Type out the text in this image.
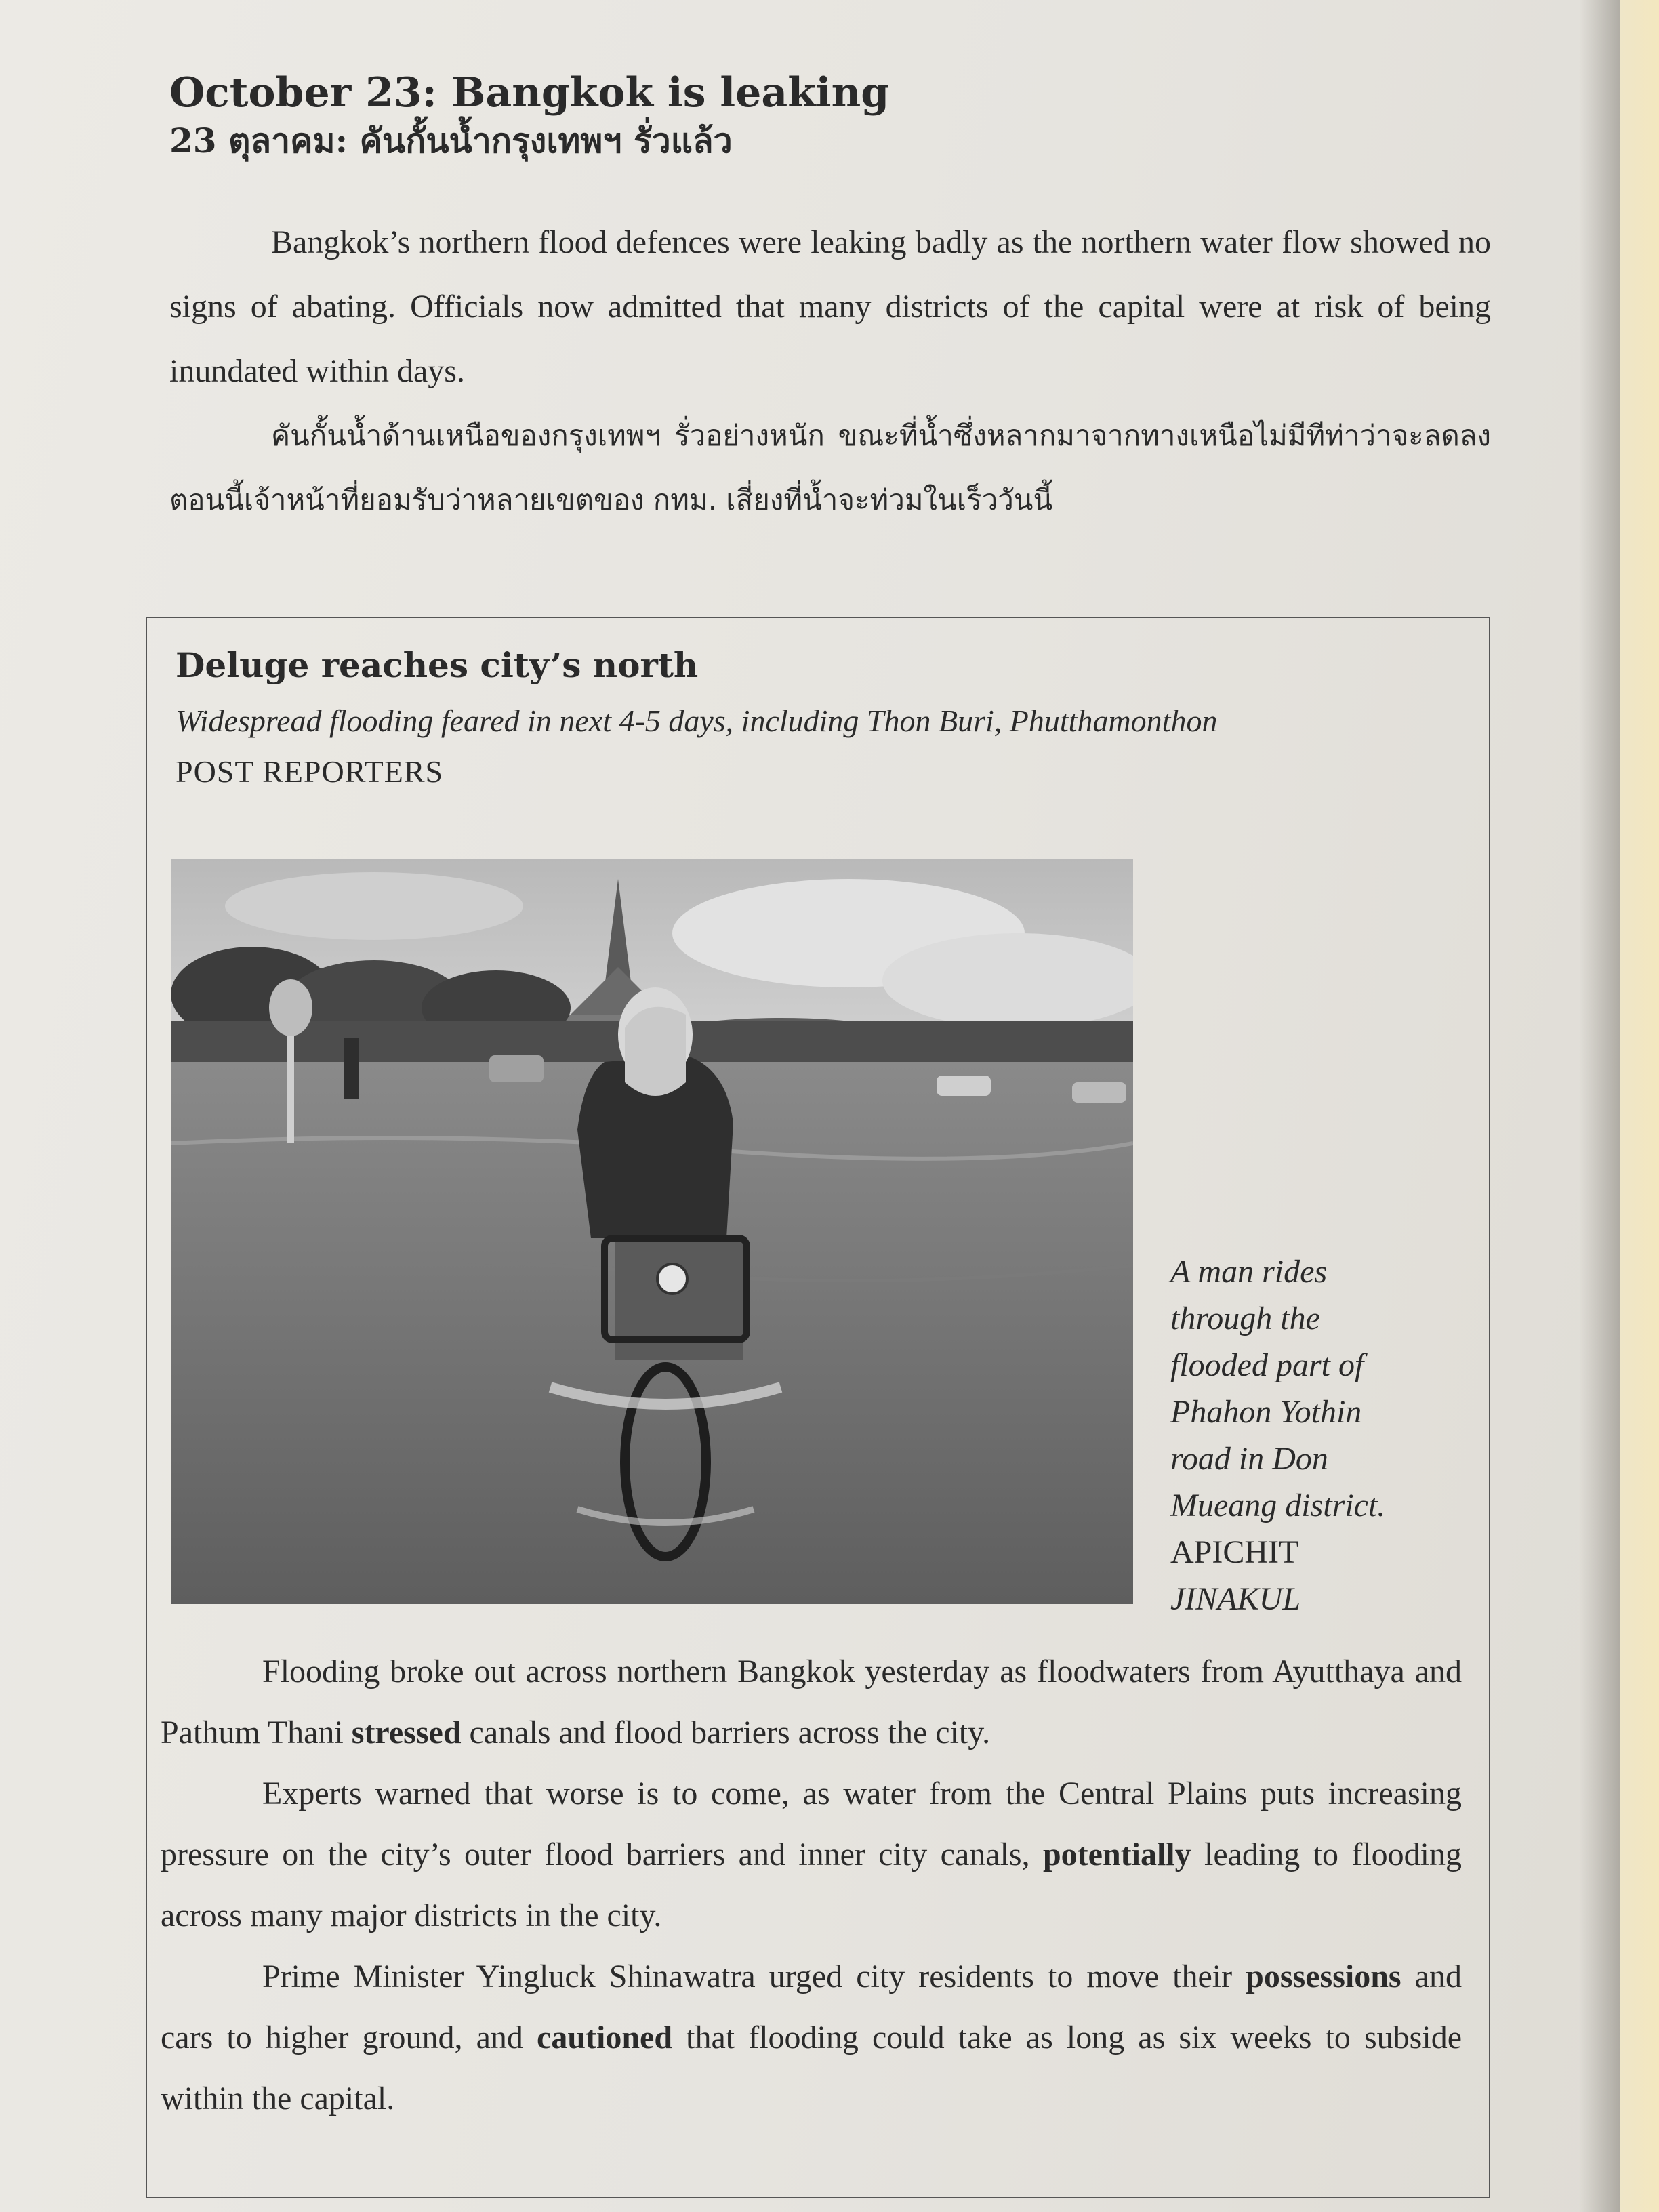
October 23: Bangkok is leaking
23 ตุลาคม: คันกั้นน้ำกรุงเทพฯ รั่วแล้ว

Bangkok’s northern flood defences were leaking badly as the northern water flow showed no signs of abating. Officials now admitted that many districts of the capital were at risk of being inundated within days.

คันกั้นน้ำด้านเหนือของกรุงเทพฯ รั่วอย่างหนัก ขณะที่น้ำซึ่งหลากมาจากทางเหนือไม่มีทีท่าว่าจะลดลง ตอนนี้เจ้าหน้าที่ยอมรับว่าหลายเขตของ กทม. เสี่ยงที่น้ำจะท่วมในเร็ววันนี้

Deluge reaches city’s north
Widespread flooding feared in next 4-5 days, including Thon Buri, Phutthamonthon
POST REPORTERS
A man rides
through the
flooded part of
Phahon Yothin
road in Don
Mueang district.
APICHIT
JINAKUL

Flooding broke out across northern Bangkok yesterday as floodwaters from Ayutthaya and Pathum Thani stressed canals and flood barriers across the city.

Experts warned that worse is to come, as water from the Central Plains puts increasing pressure on the city’s outer flood barriers and inner city canals, potentially leading to flooding across many major districts in the city.

Prime Minister Yingluck Shinawatra urged city residents to move their possessions and cars to higher ground, and cautioned that flooding could take as long as six weeks to subside within the capital.
